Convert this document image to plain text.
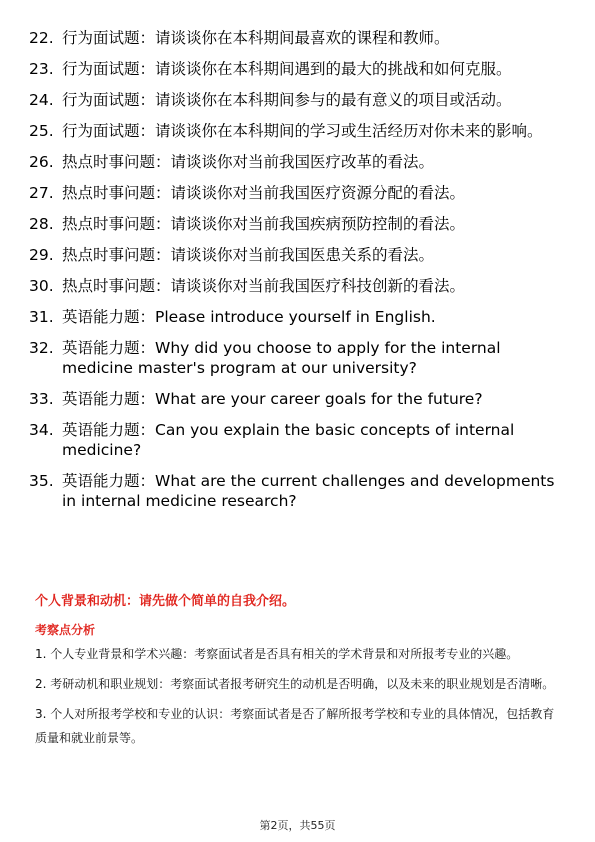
22. 行为面试题：请谈谈你在本科期间最喜欢的课程和教师。
23. 行为面试题：请谈谈你在本科期间遇到的最大的挑战和如何克服。
24. 行为面试题：请谈谈你在本科期间参与的最有意义的项目或活动。
25. 行为面试题：请谈谈你在本科期间的学习或生活经历对你未来的影响。
26. 热点时事问题：请谈谈你对当前我国医疗改革的看法。
27. 热点时事问题：请谈谈你对当前我国医疗资源分配的看法。
28. 热点时事问题：请谈谈你对当前我国疾病预防控制的看法。
29. 热点时事问题：请谈谈你对当前我国医患关系的看法。
30. 热点时事问题：请谈谈你对当前我国医疗科技创新的看法。
31. 英语能力题：Please introduce yourself in English.
32. 英语能力题：Why did you choose to apply for the internal medicine master's program at our university?
33. 英语能力题：What are your career goals for the future?
34. 英语能力题：Can you explain the basic concepts of internal medicine?
35. 英语能力题：What are the current challenges and developments in internal medicine research?
个人背景和动机：请先做个简单的自我介绍。
考察点分析

1. 个人专业背景和学术兴趣：考察面试者是否具有相关的学术背景和对所报考专业的兴趣。

2. 考研动机和职业规划：考察面试者报考研究生的动机是否明确，以及未来的职业规划是否清晰。

3. 个人对所报考学校和专业的认识：考察面试者是否了解所报考学校和专业的具体情况，包括教育质量和就业前景等。

第2页，共55页
